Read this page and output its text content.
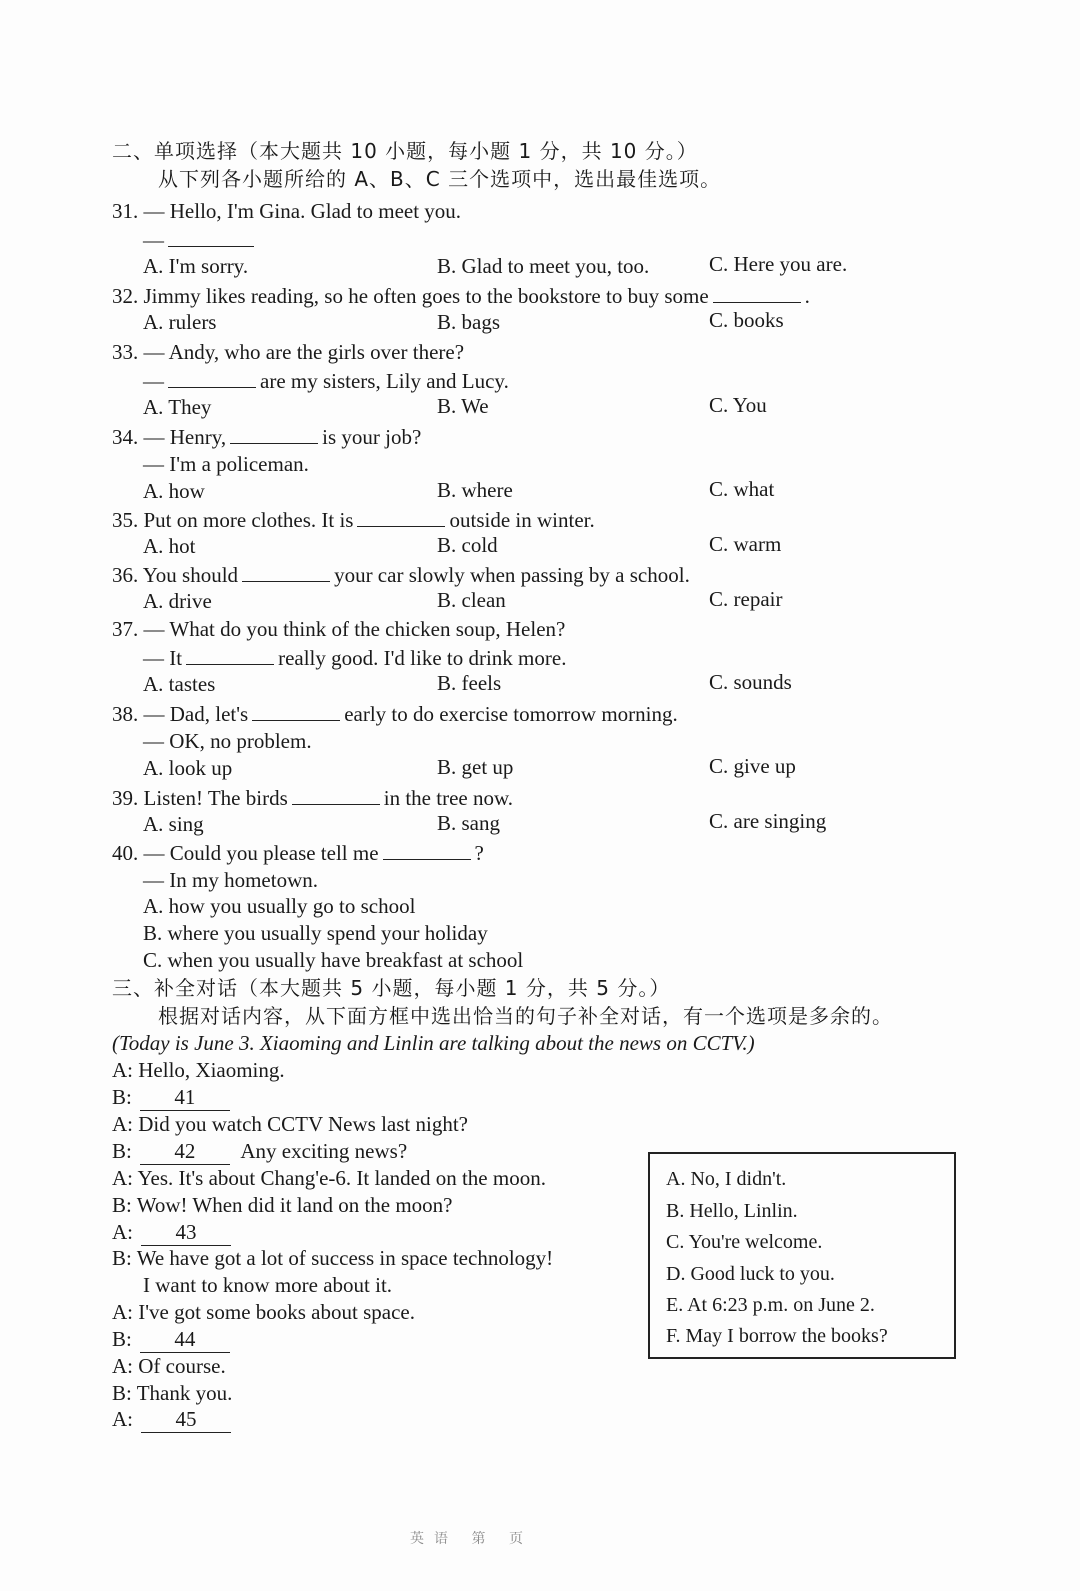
二、单项选择（本大题共 10 小题，每小题 1 分，共 10 分。）
从下列各小题所给的 A、B、C 三个选项中，选出最佳选项。
31. — Hello, I'm Gina. Glad to meet you.
—
A. I'm sorry.	B. Glad to meet you, too.	C. Here you are.
32. Jimmy likes reading, so he often goes to the bookstore to buy some	.
A. rulers	B. bags	C. books
33. — Andy, who are the girls over there?
—	are my sisters, Lily and Lucy.
A. They	B. We	C. You
34. — Henry,	is your job?
— I'm a policeman.
A. how	B. where	C. what
35. Put on more clothes. It is	outside in winter.
A. hot	B. cold	C. warm
36. You should	your car slowly when passing by a school.
A. drive	B. clean	C. repair
37. — What do you think of the chicken soup, Helen?
— It	really good. I'd like to drink more.
A. tastes	B. feels	C. sounds
38. — Dad, let's	early to do exercise tomorrow morning.
— OK, no problem.
A. look up	B. get up	C. give up
39. Listen! The birds	in the tree now.
A. sing	B. sang	C. are singing
40. — Could you please tell me	?
— In my hometown.
A. how you usually go to school
B. where you usually spend your holiday
C. when you usually have breakfast at school
三、补全对话（本大题共 5 小题，每小题 1 分，共 5 分。）
根据对话内容，从下面方框中选出恰当的句子补全对话，有一个选项是多余的。
(Today is June 3. Xiaoming and Linlin are talking about the news on CCTV.)
A: Hello, Xiaoming.
B: 41
A: Did you watch CCTV News last night?
B: 42 Any exciting news?
A: Yes. It's about Chang'e-6. It landed on the moon.
B: Wow! When did it land on the moon?
A: 43
B: We have got a lot of success in space technology!
I want to know more about it.
A: I've got some books about space.
B: 44
A: Of course.
B: Thank you.
A: 45
A. No, I didn't.
B. Hello, Linlin.
C. You're welcome.
D. Good luck to you.
E. At 6:23 p.m. on June 2.
F. May I borrow the books?
英语 第 页
